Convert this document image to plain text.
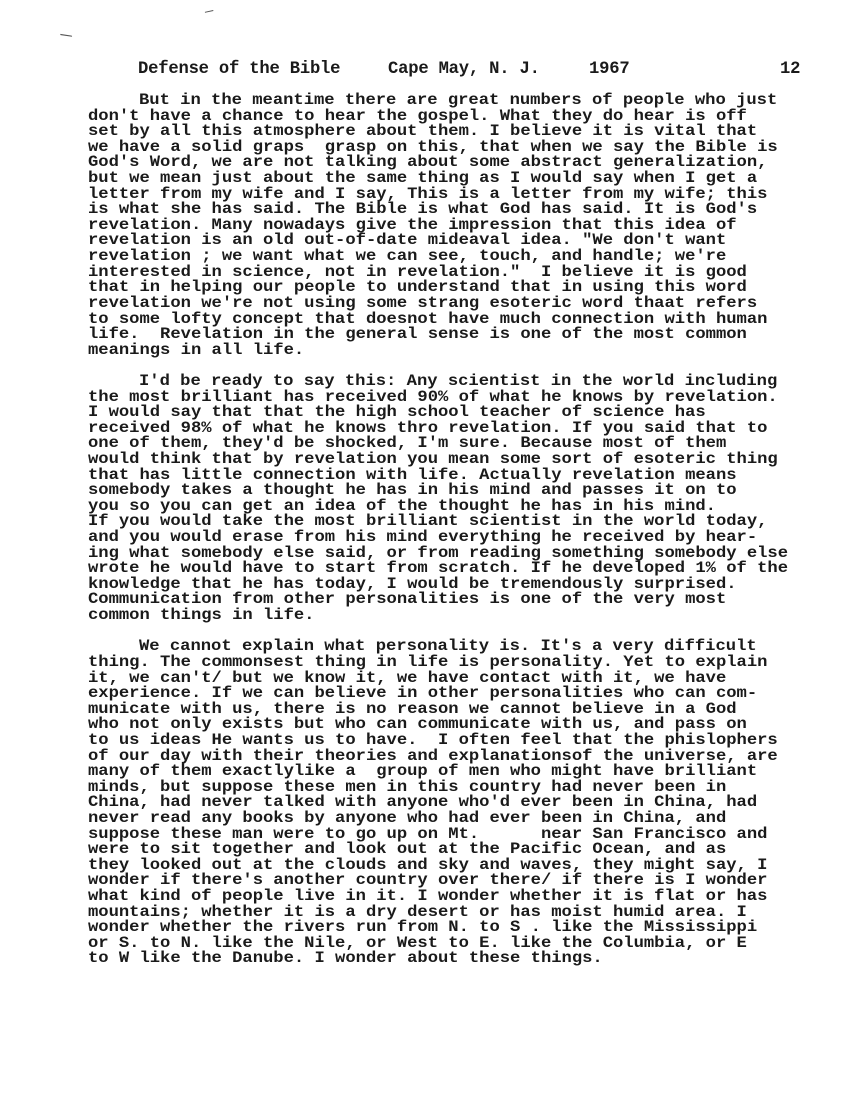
—
/
Defense of the Bible	Cape May, N. J.	1967	12
But in the meantime there are great numbers of people who just
don't have a chance to hear the gospel. What they do hear is off
set by all this atmosphere about them. I believe it is vital that
we have a solid graps  grasp on this, that when we say the Bible is
God's Word, we are not talking about some abstract generalization,
but we mean just about the same thing as I would say when I get a
letter from my wife and I say, This is a letter from my wife; this
is what she has said. The Bible is what God has said. It is God's
revelation. Many nowadays give the impression that this idea of
revelation is an old out-of-date mideaval idea. "We don't want
revelation ; we want what we can see, touch, and handle; we're
interested in science, not in revelation."  I believe it is good
that in helping our people to understand that in using this word
revelation we're not using some strang esoteric word thaat refers
to some lofty concept that doesnot have much connection with human
life.  Revelation in the general sense is one of the most common
meanings in all life.
I'd be ready to say this: Any scientist in the world including
the most brilliant has received 90% of what he knows by revelation.
I would say that that the high school teacher of science has
received 98% of what he knows thro revelation. If you said that to
one of them, they'd be shocked, I'm sure. Because most of them
would think that by revelation you mean some sort of esoteric thing
that has little connection with life. Actually revelation means
somebody takes a thought he has in his mind and passes it on to
you so you can get an idea of the thought he has in his mind.
If you would take the most brilliant scientist in the world today,
and you would erase from his mind everything he received by hear-
ing what somebody else said, or from reading something somebody else
wrote he would have to start from scratch. If he developed 1% of the
knowledge that he has today, I would be tremendously surprised.
Communication from other personalities is one of the very most
common things in life.
We cannot explain what personality is. It's a very difficult
thing. The commonsest thing in life is personality. Yet to explain
it, we can't/ but we know it, we have contact with it, we have
experience. If we can believe in other personalities who can com-
municate with us, there is no reason we cannot believe in a God
who not only exists but who can communicate with us, and pass on
to us ideas He wants us to have.  I often feel that the phislophers
of our day with their theories and explanationsof the universe, are
many of them exactlylike a  group of men who might have brilliant
minds, but suppose these men in this country had never been in
China, had never talked with anyone who'd ever been in China, had
never read any books by anyone who had ever been in China, and
suppose these man were to go up on Mt.      near San Francisco and
were to sit together and look out at the Pacific Ocean, and as
they looked out at the clouds and sky and waves, they might say, I
wonder if there's another country over there/ if there is I wonder
what kind of people live in it. I wonder whether it is flat or has
mountains; whether it is a dry desert or has moist humid area. I
wonder whether the rivers run from N. to S . like the Mississippi
or S. to N. like the Nile, or West to E. like the Columbia, or E
to W like the Danube. I wonder about these things.
